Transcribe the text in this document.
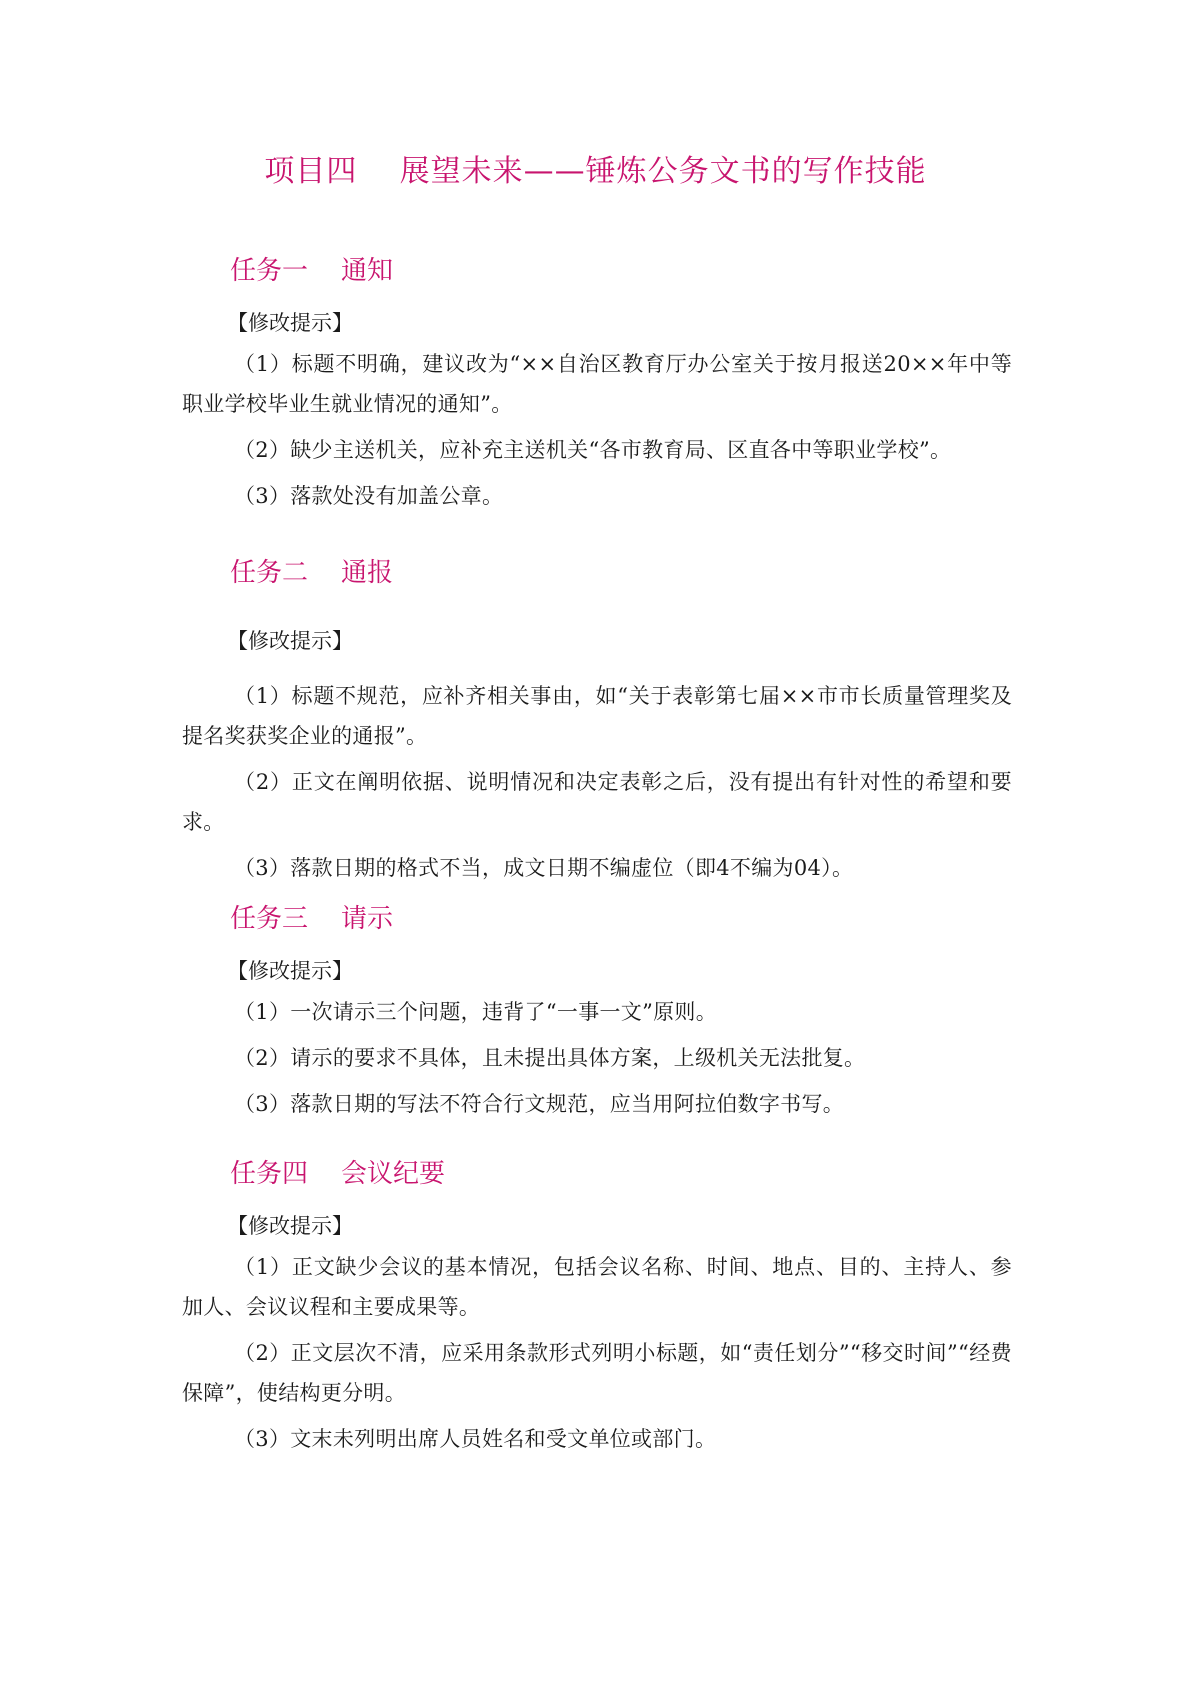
项目四    展望未来——锤炼公务文书的写作技能
任务一    通知
【修改提示】

（1）标题不明确，建议改为“××自治区教育厅办公室关于按月报送20××年中等职业学校毕业生就业情况的通知”。

（2）缺少主送机关，应补充主送机关“各市教育局、区直各中等职业学校”。

（3）落款处没有加盖公章。

任务二    通报
【修改提示】

（1）标题不规范，应补齐相关事由，如“关于表彰第七届××市市长质量管理奖及提名奖获奖企业的通报”。

（2）正文在阐明依据、说明情况和决定表彰之后，没有提出有针对性的希望和要求。

（3）落款日期的格式不当，成文日期不编虚位（即4不编为04）。

任务三    请示
【修改提示】

（1）一次请示三个问题，违背了“一事一文”原则。

（2）请示的要求不具体，且未提出具体方案，上级机关无法批复。

（3）落款日期的写法不符合行文规范，应当用阿拉伯数字书写。

任务四    会议纪要
【修改提示】

（1）正文缺少会议的基本情况，包括会议名称、时间、地点、目的、主持人、参加人、会议议程和主要成果等。

（2）正文层次不清，应采用条款形式列明小标题，如“责任划分”“移交时间”“经费保障”，使结构更分明。

（3）文末未列明出席人员姓名和受文单位或部门。
